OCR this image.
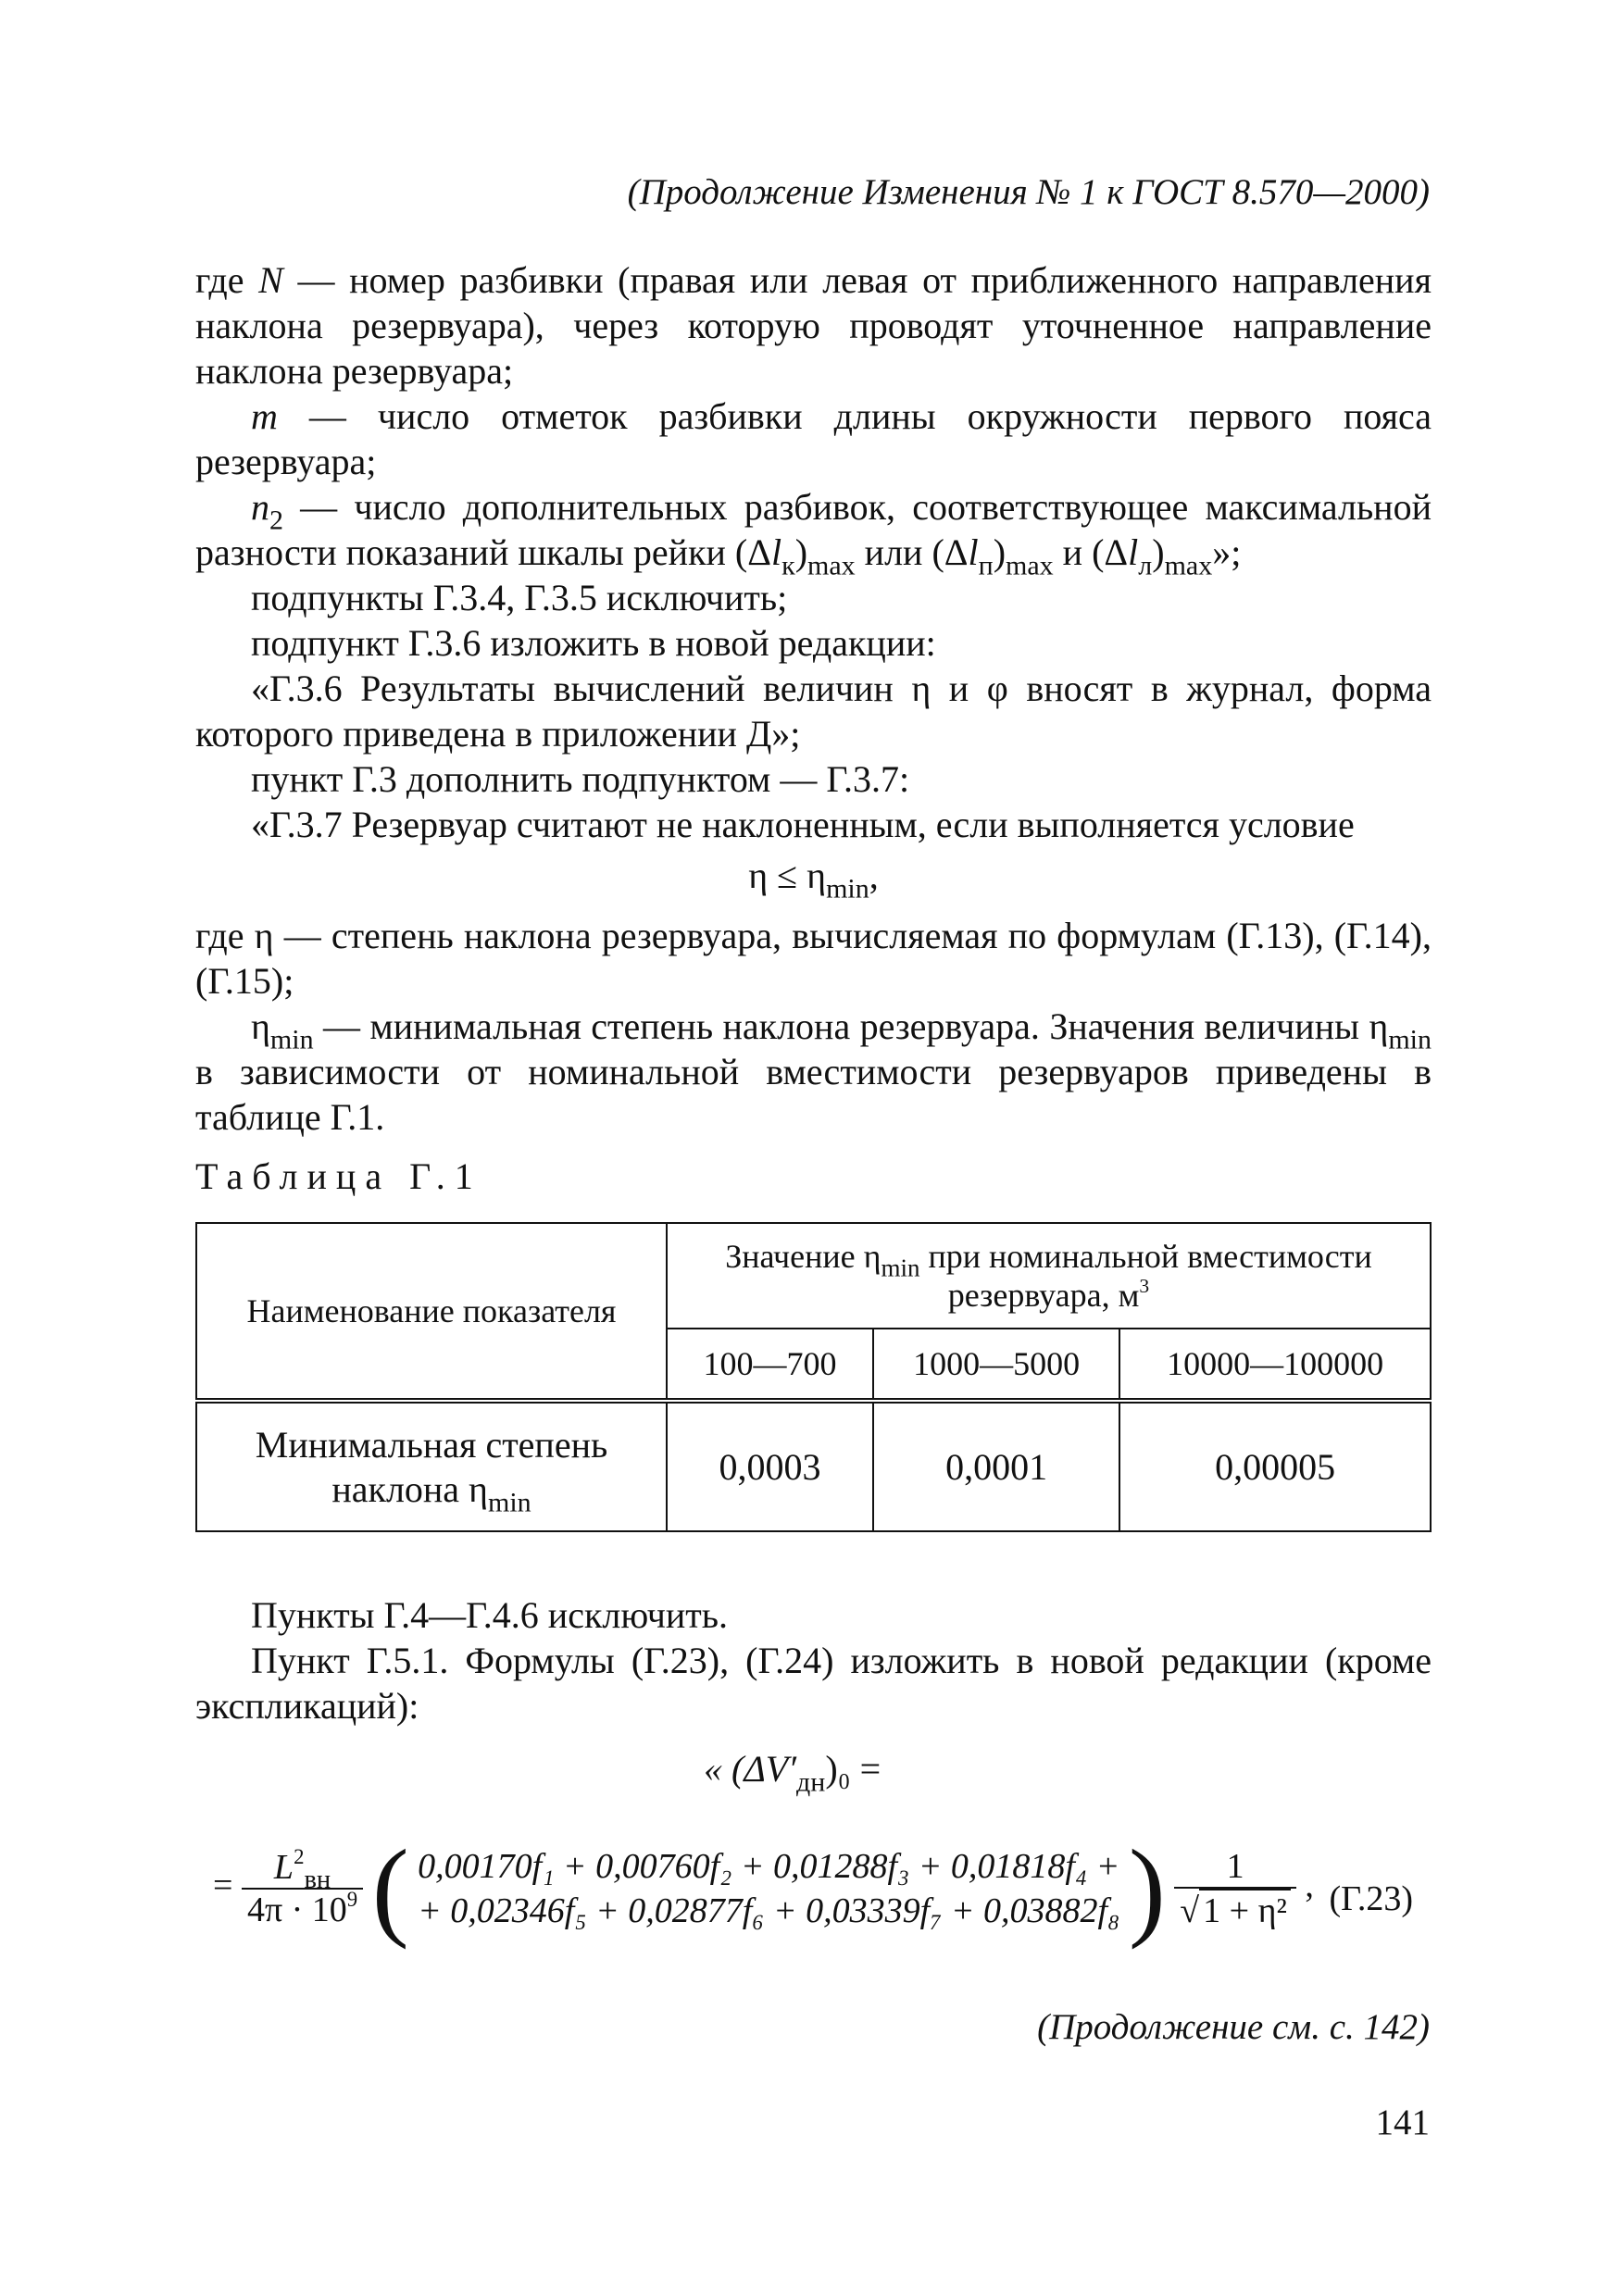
(Продолжение Изменения № 1 к ГОСТ 8.570—2000)

где N — номер разбивки (правая или левая от приближенного направления наклона резервуара), через которую проводят уточненное направление наклона резервуара;

m — число отметок разбивки длины окружности первого пояса резервуара;

$n_2$ — число дополнительных разбивок, соответствующее максимальной разности показаний шкалы рейки $(\Delta l_к)_{max}$ или $(\Delta l_п)_{max}$ и $(\Delta l_л)_{max}$»;

подпункты Г.3.4, Г.3.5 исключить;

подпункт Г.3.6 изложить в новой редакции:

«Г.3.6 Результаты вычислений величин η и φ вносят в журнал, форма которого приведена в приложении Д»;

пункт Г.3 дополнить подпунктом — Г.3.7:

«Г.3.7 Резервуар считают не наклоненным, если выполняется условие

$\eta \le \eta_{min}$,

где η — степень наклона резервуара, вычисляемая по формулам (Г.13), (Г.14), (Г.15);

$\eta_{min}$ — минимальная степень наклона резервуара. Значения величины $\eta_{min}$ в зависимости от номинальной вместимости резервуаров приведены в таблице Г.1.

Таблица Г.1
Наименование показателя	Значение $\eta_{min}$ при номинальной вместимости резервуара, $м^3$
	100—700	1000—5000	10000—100000
Минимальная степень
наклона $\eta_{min}$	0,0003	0,0001	0,00005

Пункты Г.4—Г.4.6 исключить.

Пункт Г.5.1. Формулы (Г.23), (Г.24) изложить в новой редакции (кроме экспликаций):

« $(\Delta V'_{дн})_0$ =
= $\frac{L^2_{вн}}{4\pi \cdot 10^9}$ ( 0,00170f₁ + 0,00760f₂ + 0,01288f₃ + 0,01818f₄ +
+ 0,02346f₅ + 0,02877f₆ + 0,03339f₇ + 0,03882f₈ ) $\frac{1}{\text{√ 1 + η²}}$ , (Г.23)
(Продолжение см. с. 142)
141
